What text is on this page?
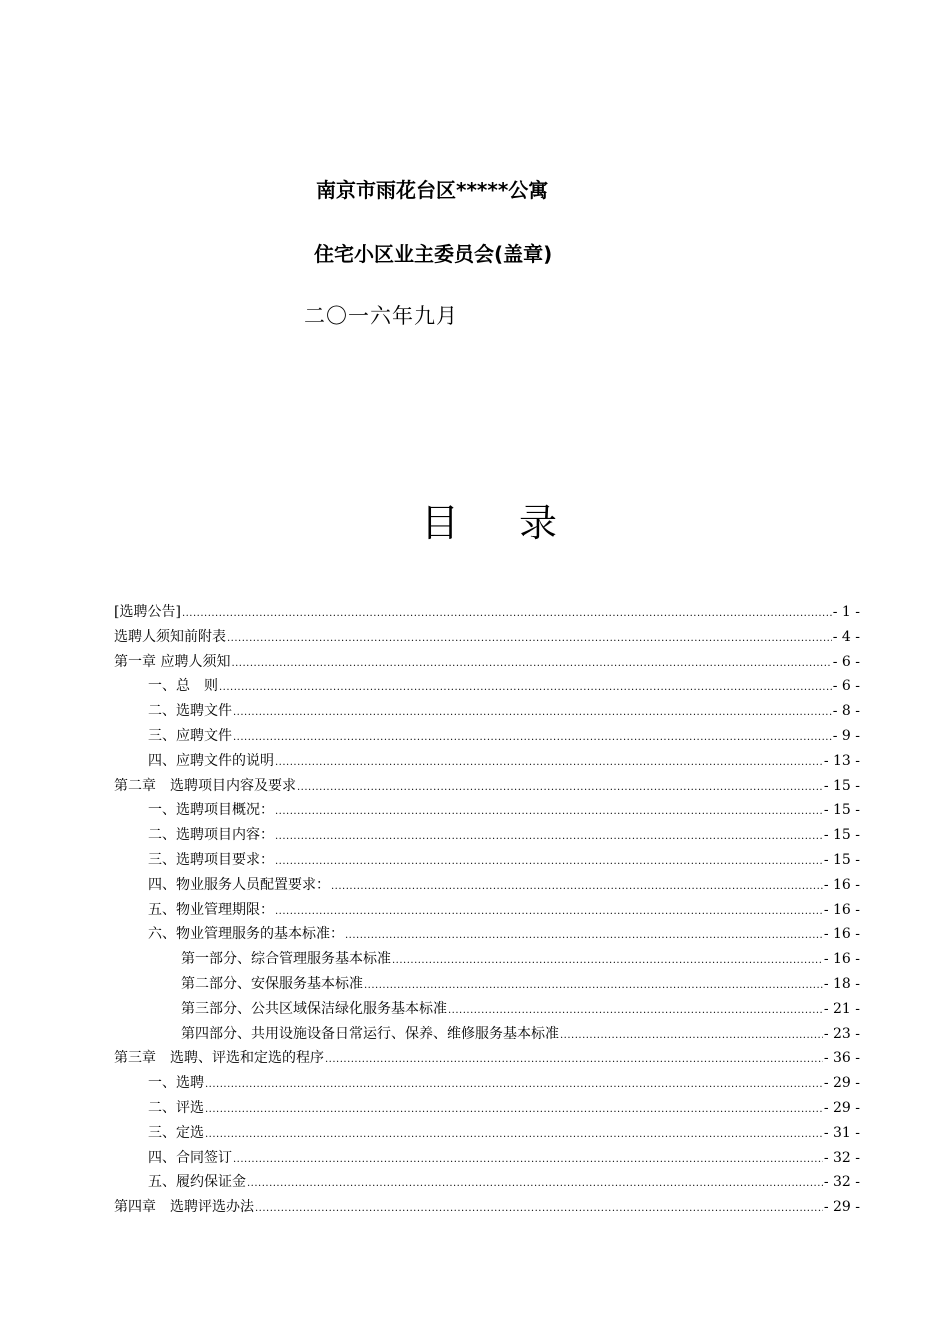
南京市雨花台区*****公寓
住宅小区业主委员会(盖章)
二〇一六年九月
目 录
[选聘公告] .....	- 1 -
选聘人须知前附表 .....	- 4 -
第一章 应聘人须知 .....	- 6 -
一、总　则 .....	- 6 -
二、选聘文件 .....	- 8 -
三、应聘文件 .....	- 9 -
四、应聘文件的说明 .....	- 13 -
第二章　选聘项目内容及要求 .....	- 15 -
一、选聘项目概况： .....	- 15 -
二、选聘项目内容： .....	- 15 -
三、选聘项目要求： .....	- 15 -
四、物业服务人员配置要求： .....	- 16 -
五、物业管理期限： .....	- 16 -
六、物业管理服务的基本标准： .....	- 16 -
第一部分、综合管理服务基本标准 .....	- 16 -
第二部分、安保服务基本标准 .....	- 18 -
第三部分、公共区域保洁绿化服务基本标准 .....	- 21 -
第四部分、共用设施设备日常运行、保养、维修服务基本标准 .....	- 23 -
第三章　选聘、评选和定选的程序 .....	- 36 -
一、选聘 .....	- 29 -
二、评选 .....	- 29 -
三、定选 .....	- 31 -
四、合同签订 .....	- 32 -
五、履约保证金 .....	- 32 -
第四章　选聘评选办法 .....	- 29 -
